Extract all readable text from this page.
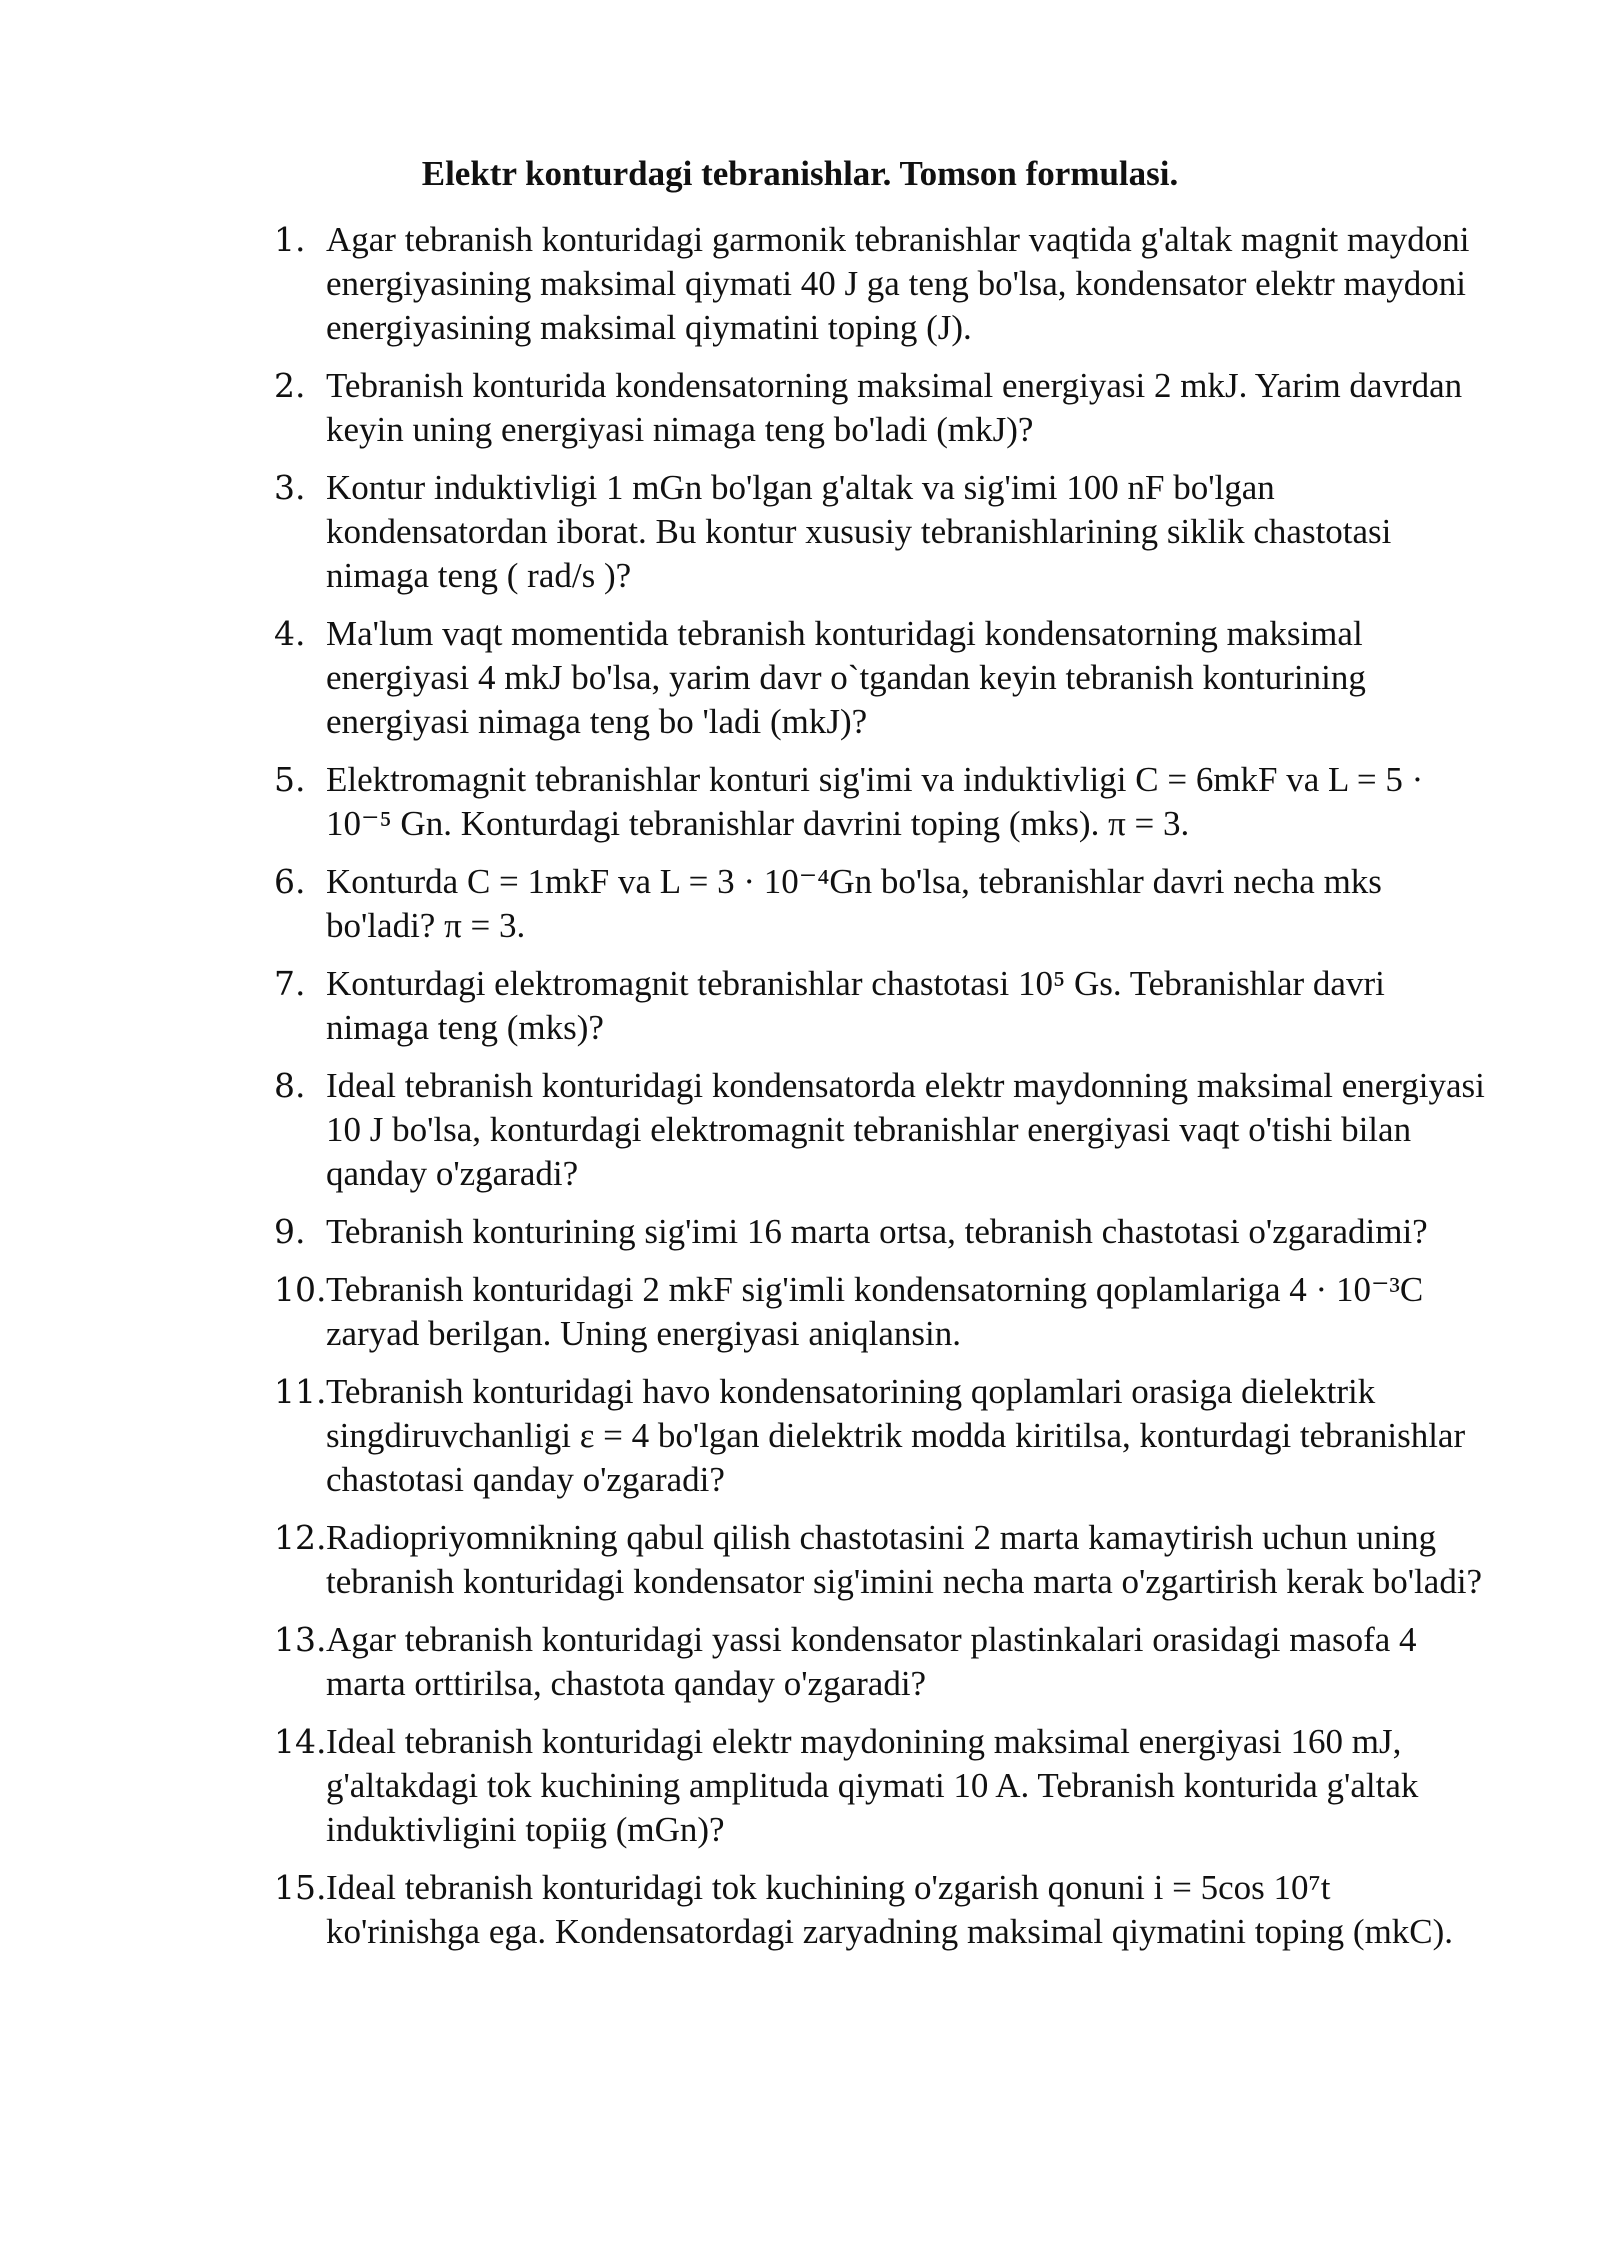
Elektr konturdagi tebranishlar. Tomson formulasi.
1. Agar tebranish konturidagi garmonik tebranishlar vaqtida g'altak magnit maydoni energiyasining maksimal qiymati 40 J ga teng bo'lsa, kondensator elektr maydoni energiyasining maksimal qiymatini toping (J).
2. Tebranish konturida kondensatorning maksimal energiyasi 2 mkJ. Yarim davrdan keyin uning energiyasi nimaga teng bo'ladi (mkJ)?
3. Kontur induktivligi 1 mGn bo'lgan g'altak va sig'imi 100 nF bo'lgan kondensatordan iborat. Bu kontur xususiy tebranishlarining siklik chastotasi nimaga teng ( rad/s )?
4. Ma'lum vaqt momentida tebranish konturidagi kondensatorning maksimal energiyasi 4 mkJ bo'lsa, yarim davr o`tgandan keyin tebranish konturining energiyasi nimaga teng bo 'ladi (mkJ)?
5. Elektromagnit tebranishlar konturi sig'imi va induktivligi C = 6mkF va L = 5 · 10⁻⁵ Gn. Konturdagi tebranishlar davrini toping (mks). π = 3.
6. Konturda C = 1mkF va L = 3 · 10⁻⁴Gn bo'lsa, tebranishlar davri necha mks bo'ladi? π = 3.
7. Konturdagi elektromagnit tebranishlar chastotasi 10⁵ Gs. Tebranishlar davri nimaga teng (mks)?
8. Ideal tebranish konturidagi kondensatorda elektr maydonning maksimal energiyasi 10 J bo'lsa, konturdagi elektromagnit tebranishlar energiyasi vaqt o'tishi bilan qanday o'zgaradi?
9. Tebranish konturining sig'imi 16 marta ortsa, tebranish chastotasi o'zgaradimi?
10. Tebranish konturidagi 2 mkF sig'imli kondensatorning qoplamlariga 4 · 10⁻³C zaryad berilgan. Uning energiyasi aniqlansin.
11. Tebranish konturidagi havo kondensatorining qoplamlari orasiga dielektrik singdiruvchanligi ε = 4 bo'lgan dielektrik modda kiritilsa, konturdagi tebranishlar chastotasi qanday o'zgaradi?
12. Radiopriyomnikning qabul qilish chastotasini 2 marta kamaytirish uchun uning tebranish konturidagi kondensator sig'imini necha marta o'zgartirish kerak bo'ladi?
13. Agar tebranish konturidagi yassi kondensator plastinkalari orasidagi masofa 4 marta orttirilsa, chastota qanday o'zgaradi?
14. Ideal tebranish konturidagi elektr maydonining maksimal energiyasi 160 mJ, g'altakdagi tok kuchining amplituda qiymati 10 A. Tebranish konturida g'altak induktivligini topiig (mGn)?
15. Ideal tebranish konturidagi tok kuchining o'zgarish qonuni i = 5cos 10⁷t ko'rinishga ega. Kondensatordagi zaryadning maksimal qiymatini toping (mkC).
